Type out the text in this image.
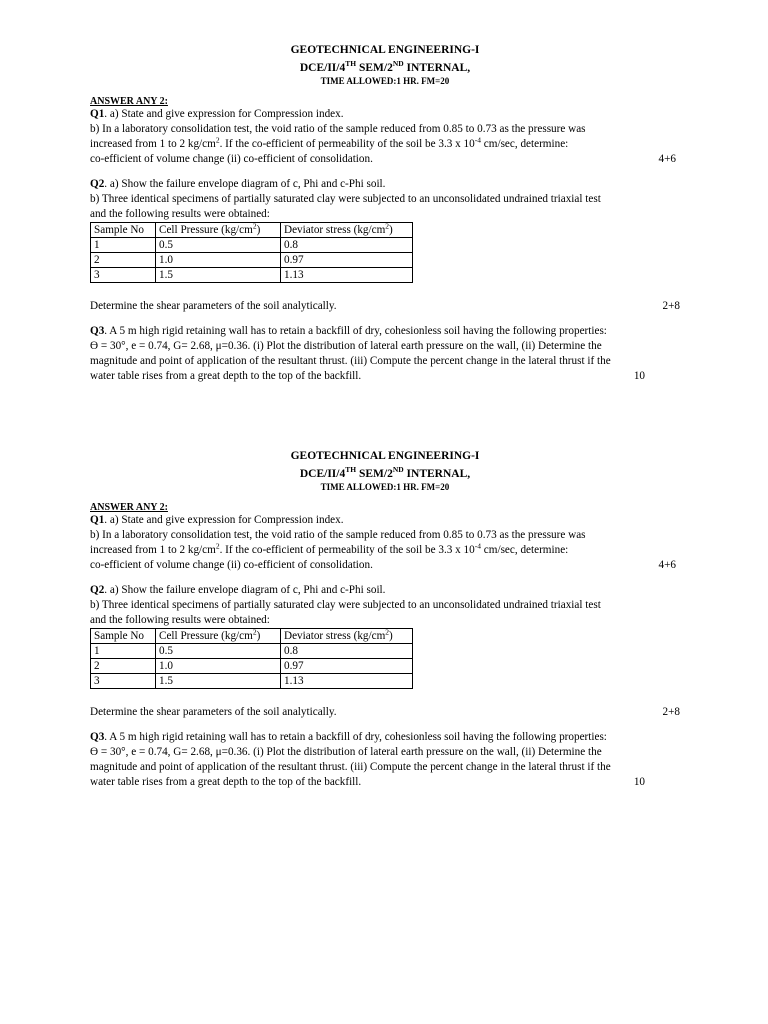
GEOTECHNICAL ENGINEERING-I
DCE/II/4TH SEM/2ND INTERNAL,
TIME ALLOWED:1 HR. FM=20
ANSWER ANY 2:
Q1. a) State and give expression for Compression index.
b) In a laboratory consolidation test, the void ratio of the sample reduced from 0.85 to 0.73 as the pressure was
increased from 1 to 2 $kg/cm^2$. If the co-efficient of permeability of the soil be 3.3 x $10^{-4}$ cm/sec, determine:
co-efficient of volume change (ii) co-efficient of consolidation.	4+6
Q2. a) Show the failure envelope diagram of c, Phi and c-Phi soil.
b) Three identical specimens of partially saturated clay were subjected to an unconsolidated undrained triaxial test
and the following results were obtained:
Sample No	Cell Pressure $(kg/cm^2)$	Deviator stress $(kg/cm^2)$
1	0.5	0.8
2	1.0	0.97
3	1.5	1.13
Determine the shear parameters of the soil analytically.	2+8
Q3. A 5 m high rigid retaining wall has to retain a backfill of dry, cohesionless soil having the following properties:
ϴ = 30°, e = 0.74, G= 2.68, μ=0.36. (i) Plot the distribution of lateral earth pressure on the wall, (ii) Determine the
magnitude and point of application of the resultant thrust. (iii) Compute the percent change in the lateral thrust if the
water table rises from a great depth to the top of the backfill.	10
GEOTECHNICAL ENGINEERING-I
DCE/II/4TH SEM/2ND INTERNAL,
TIME ALLOWED:1 HR. FM=20
ANSWER ANY 2:
Q1. a) State and give expression for Compression index.
b) In a laboratory consolidation test, the void ratio of the sample reduced from 0.85 to 0.73 as the pressure was
increased from 1 to 2 $kg/cm^2$. If the co-efficient of permeability of the soil be 3.3 x $10^{-4}$ cm/sec, determine:
co-efficient of volume change (ii) co-efficient of consolidation.	4+6
Q2. a) Show the failure envelope diagram of c, Phi and c-Phi soil.
b) Three identical specimens of partially saturated clay were subjected to an unconsolidated undrained triaxial test
and the following results were obtained:
Sample No	Cell Pressure $(kg/cm^2)$	Deviator stress $(kg/cm^2)$
1	0.5	0.8
2	1.0	0.97
3	1.5	1.13
Determine the shear parameters of the soil analytically.	2+8
Q3. A 5 m high rigid retaining wall has to retain a backfill of dry, cohesionless soil having the following properties:
ϴ = 30°, e = 0.74, G= 2.68, μ=0.36. (i) Plot the distribution of lateral earth pressure on the wall, (ii) Determine the
magnitude and point of application of the resultant thrust. (iii) Compute the percent change in the lateral thrust if the
water table rises from a great depth to the top of the backfill.	10
